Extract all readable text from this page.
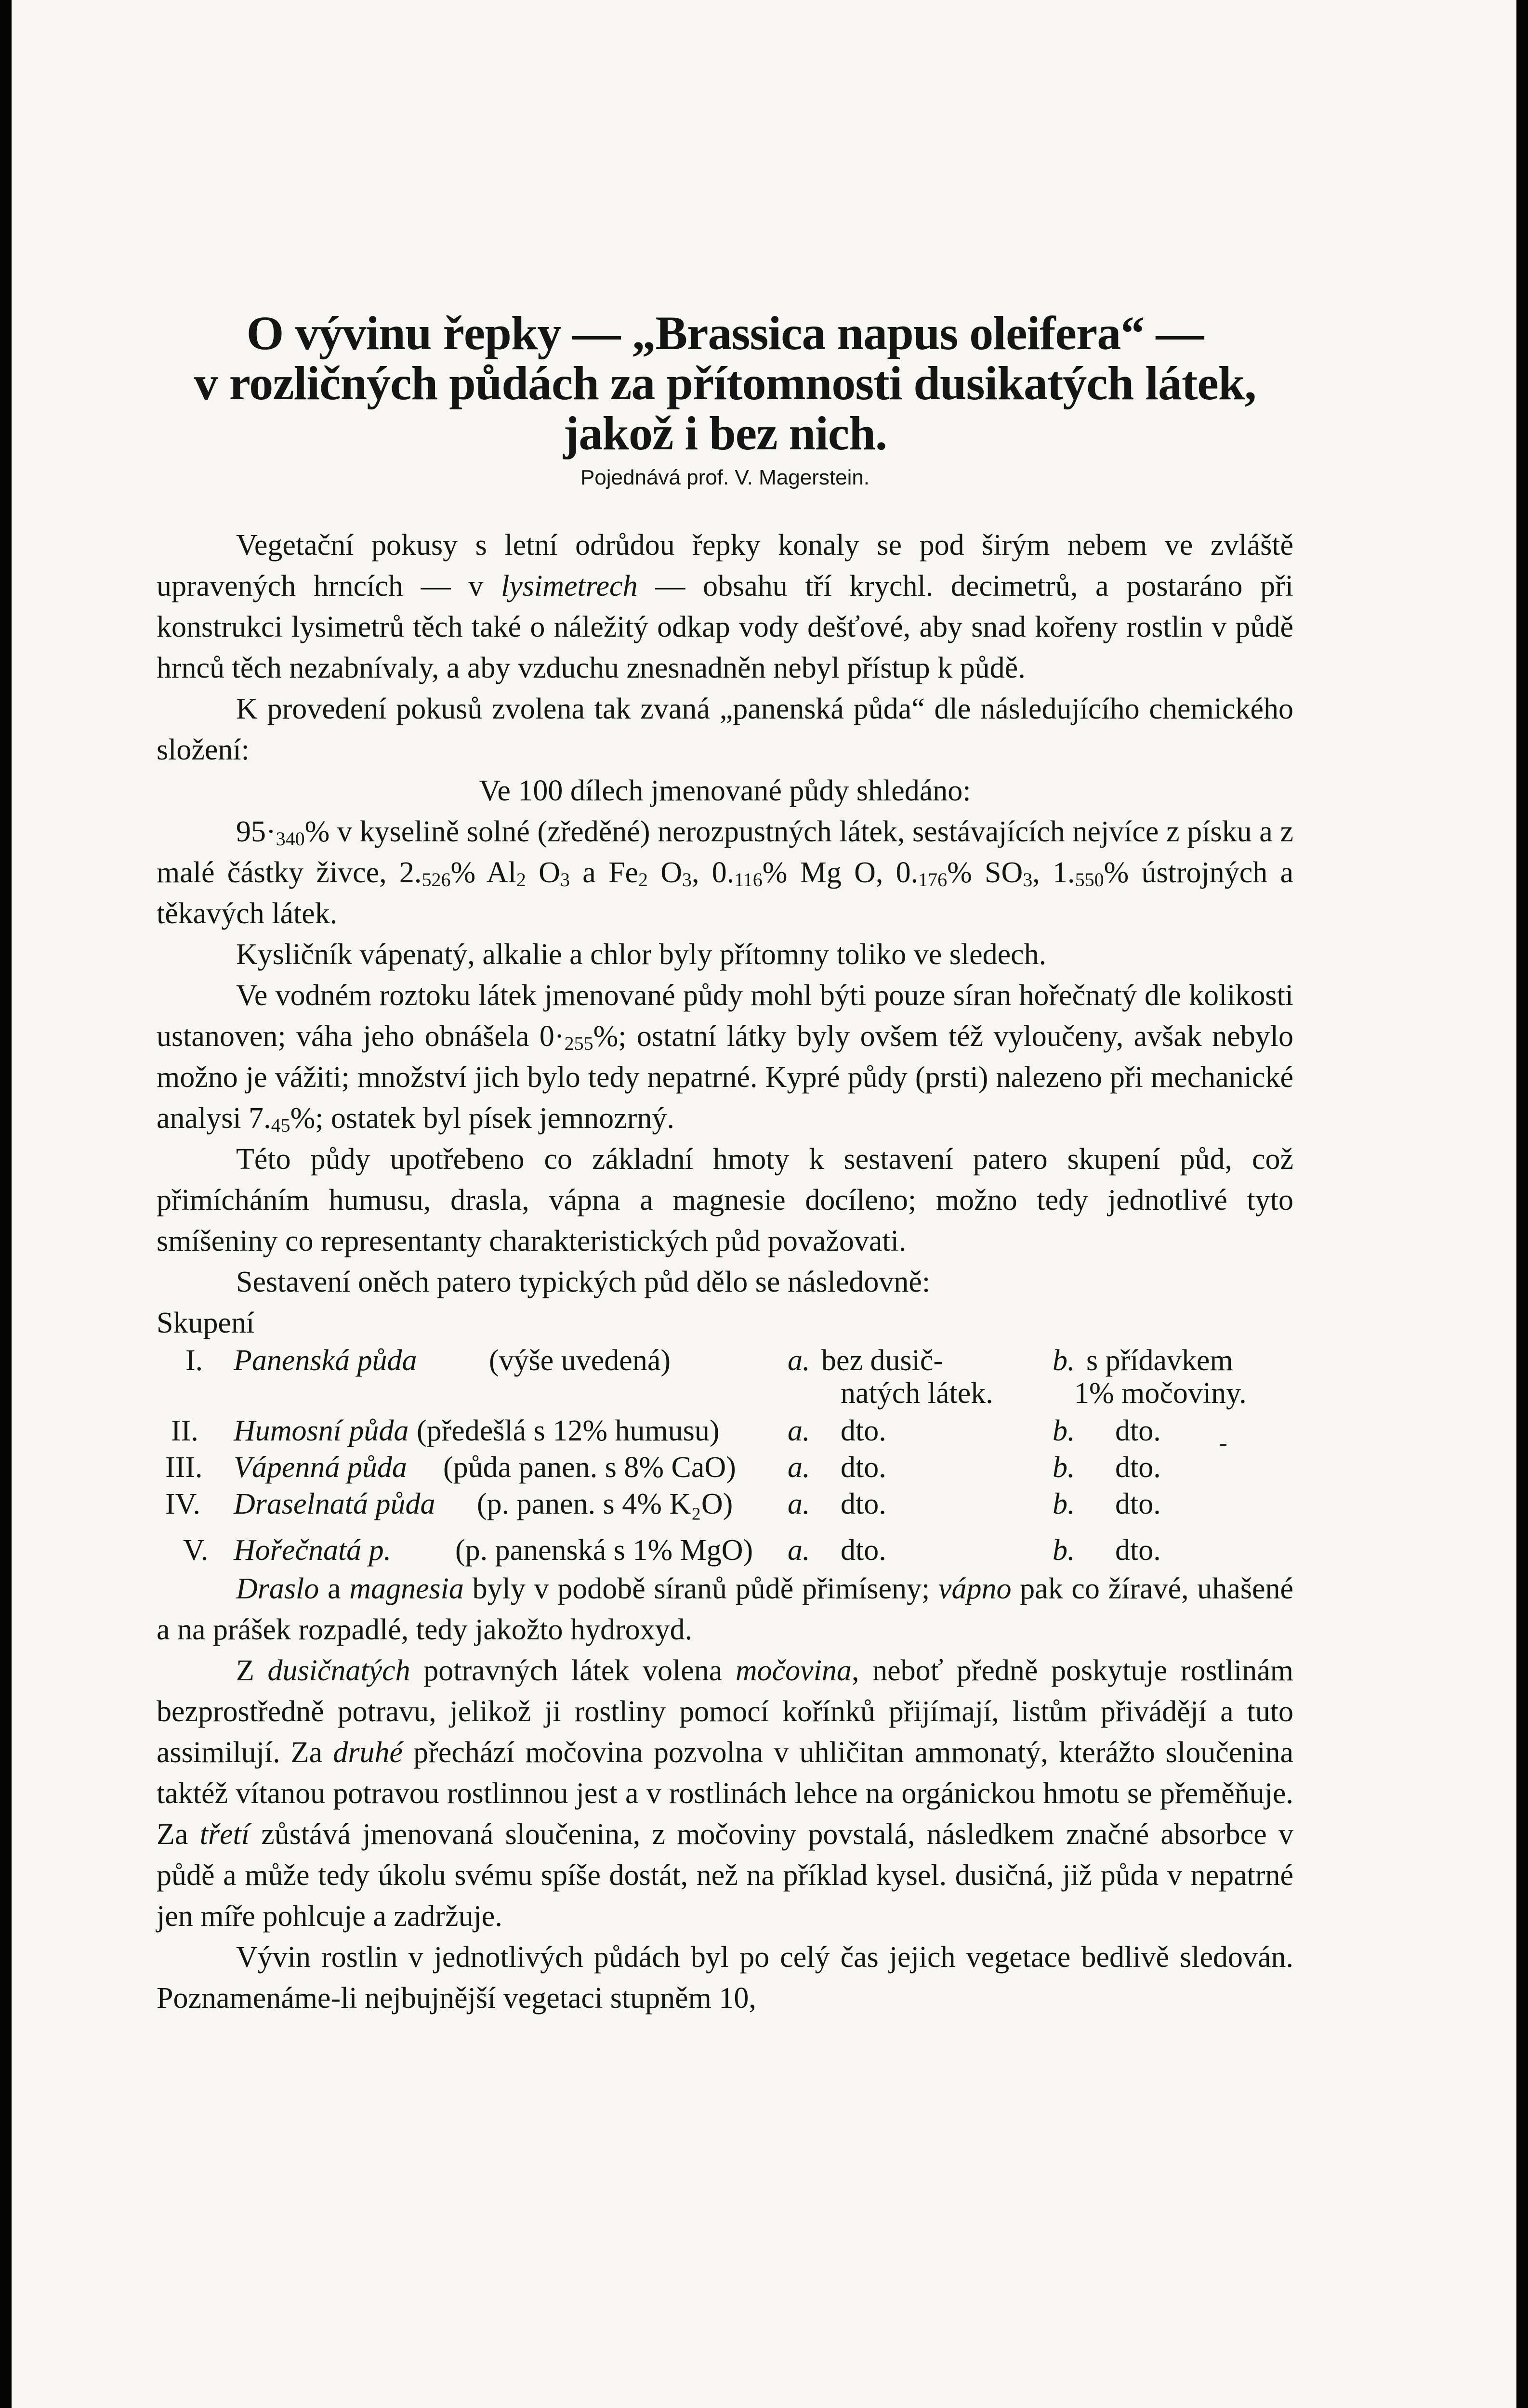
O vývinu řepky — „Brassica napus oleifera“ —
v rozličných půdách za přítomnosti dusikatých látek,
jakož i bez nich.
Pojednává prof. V. Magerstein.

Vegetační pokusy s letní odrůdou řepky konaly se pod širým nebem ve zvláště upravených hrncích — v lysimetrech — obsahu tří krychl. decimetrů, a postaráno při konstrukci lysimetrů těch také o náležitý odkap vody dešťové, aby snad kořeny rostlin v půdě hrnců těch nezabnívaly, a aby vzduchu znesnadněn nebyl přístup k půdě.

K provedení pokusů zvolena tak zvaná „panenská půda“ dle následujícího chemického složení:

Ve 100 dílech jmenované půdy shledáno:

$95\cdot_{340}\%$ v kyselině solné (zředěné) nerozpustných látek, sestávajících nejvíce z písku a z malé částky živce, $2._{526}\%$ $Al_2$ $O_3$ a $Fe_2$ $O_3$, $0._{116}\%$ Mg O, $0._{176}\%$ $SO_3$, $1._{550}\%$ ústrojných a těkavých látek.

Kysličník vápenatý, alkalie a chlor byly přítomny toliko ve sledech.

Ve vodném roztoku látek jmenované půdy mohl býti pouze síran hořečnatý dle kolikosti ustanoven; váha jeho obnášela $0\cdot_{255}\%$; ostatní látky byly ovšem též vyloučeny, avšak nebylo možno je vážiti; množství jich bylo tedy nepatrné. Kypré půdy (prsti) nalezeno při mechanické analysi $7._{45}\%$; ostatek byl písek jemnozrný.

Této půdy upotřebeno co základní hmoty k sestavení patero skupení půd, což přimícháním humusu, drasla, vápna a magnesie docíleno; možno tedy jednotlivé tyto smíšeniny co representanty charakteristických půd považovati.

Sestavení oněch patero typických půd dělo se následovně:

Skupení
I. Panenská půda (výše uvedená)	a. bez dusič-	b. s přídavkem
natých látek.	1% močoviny.
II. Humosní půda (předešlá s 12% humusu) a. dto.	b. dto.
III. Vápenná půda (půda panen. s 8% CaO) a. dto.	b. dto.
IV. Draselnatá půda (p. panen. s 4% K₂O) a. dto.	b. dto.
V. Hořečnatá p. (p. panenská s 1% MgO) a. dto.	b. dto.

Draslo a magnesia byly v podobě síranů půdě přimíseny; vápno pak co žíravé, uhašené a na prášek rozpadlé, tedy jakožto hydroxyd.

Z dusičnatých potravných látek volena močovina, neboť předně poskytuje rostlinám bezprostředně potravu, jelikož ji rostliny pomocí kořínků přijímají, listům přivádějí a tuto assimilují. Za druhé přechází močovina pozvolna v uhličitan ammonatý, kterážto sloučenina taktéž vítanou potravou rostlinnou jest a v rostlinách lehce na orgánickou hmotu se přeměňuje. Za třetí zůstává jmenovaná sloučenina, z močoviny povstalá, následkem značné absorbce v půdě a může tedy úkolu svému spíše dostát, než na příklad kysel. dusičná, již půda v nepatrné jen míře pohlcuje a zadržuje.

Vývin rostlin v jednotlivých půdách byl po celý čas jejich vegetace bedlivě sledován. Poznamenáme-li nejbujnější vegetaci stupněm 10,
